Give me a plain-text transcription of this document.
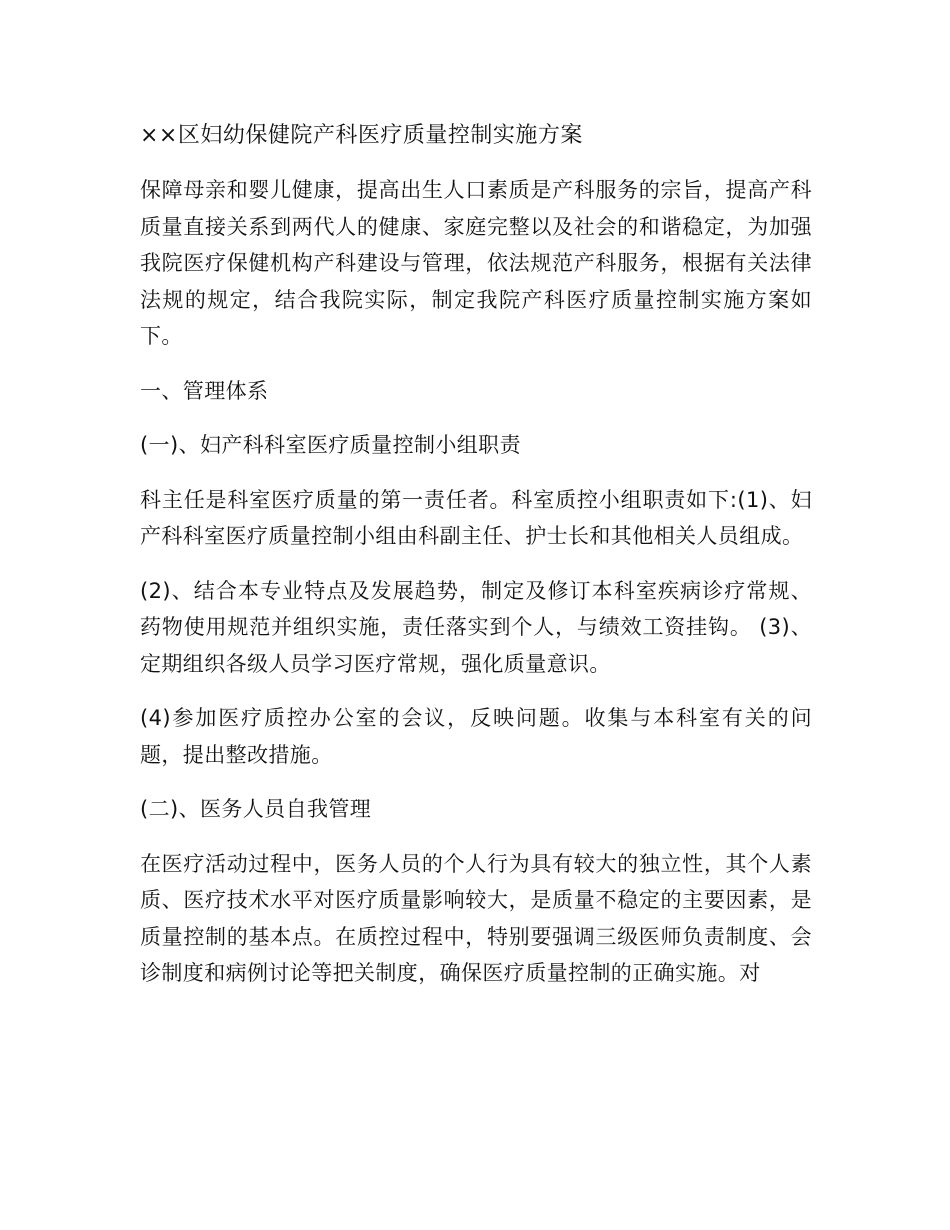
××区妇幼保健院产科医疗质量控制实施方案

保障母亲和婴儿健康，提高出生人口素质是产科服务的宗旨，提高产科质量直接关系到两代人的健康、家庭完整以及社会的和谐稳定，为加强我院医疗保健机构产科建设与管理，依法规范产科服务，根据有关法律法规的规定，结合我院实际，制定我院产科医疗质量控制实施方案如下。

一、管理体系
(一)、妇产科科室医疗质量控制小组职责

科主任是科室医疗质量的第一责任者。科室质控小组职责如下:(1)、妇产科科室医疗质量控制小组由科副主任、护士长和其他相关人员组成。

(2)、结合本专业特点及发展趋势，制定及修订本科室疾病诊疗常规、药物使用规范并组织实施，责任落实到个人，与绩效工资挂钩。 (3)、定期组织各级人员学习医疗常规，强化质量意识。

(4)参加医疗质控办公室的会议，反映问题。收集与本科室有关的问题，提出整改措施。

(二)、医务人员自我管理

在医疗活动过程中，医务人员的个人行为具有较大的独立性，其个人素质、医疗技术水平对医疗质量影响较大，是质量不稳定的主要因素，是质量控制的基本点。在质控过程中，特别要强调三级医师负责制度、会诊制度和病例讨论等把关制度，确保医疗质量控制的正确实施。对
